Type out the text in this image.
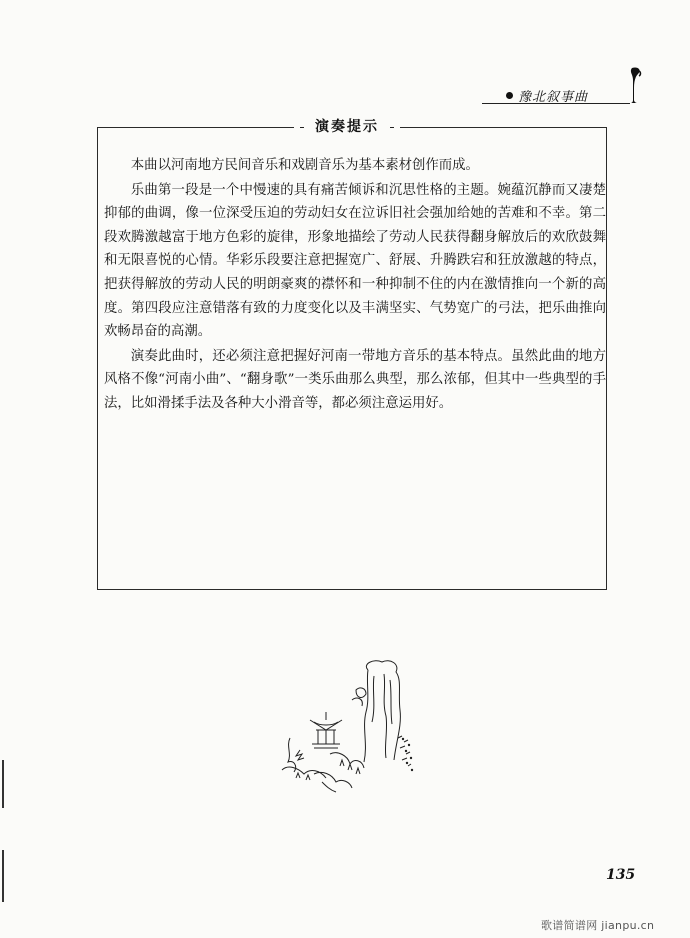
豫北叙事曲
演奏提示

本曲以河南地方民间音乐和戏剧音乐为基本素材创作而成。

乐曲第一段是一个中慢速的具有痛苦倾诉和沉思性格的主题。婉蕴沉静而又凄楚抑郁的曲调，像一位深受压迫的劳动妇女在泣诉旧社会强加给她的苦难和不幸。第二段欢腾激越富于地方色彩的旋律，形象地描绘了劳动人民获得翻身解放后的欢欣鼓舞和无限喜悦的心情。华彩乐段要注意把握宽广、舒展、升腾跌宕和狂放激越的特点，把获得解放的劳动人民的明朗豪爽的襟怀和一种抑制不住的内在激情推向一个新的高度。第四段应注意错落有致的力度变化以及丰满坚实、气势宽广的弓法，把乐曲推向欢畅昂奋的高潮。

演奏此曲时，还必须注意把握好河南一带地方音乐的基本特点。虽然此曲的地方风格不像“河南小曲”、“翻身歌”一类乐曲那么典型，那么浓郁，但其中一些典型的手法，比如滑揉手法及各种大小滑音等，都必须注意运用好。

135
歌谱简谱网 jianpu.cn
